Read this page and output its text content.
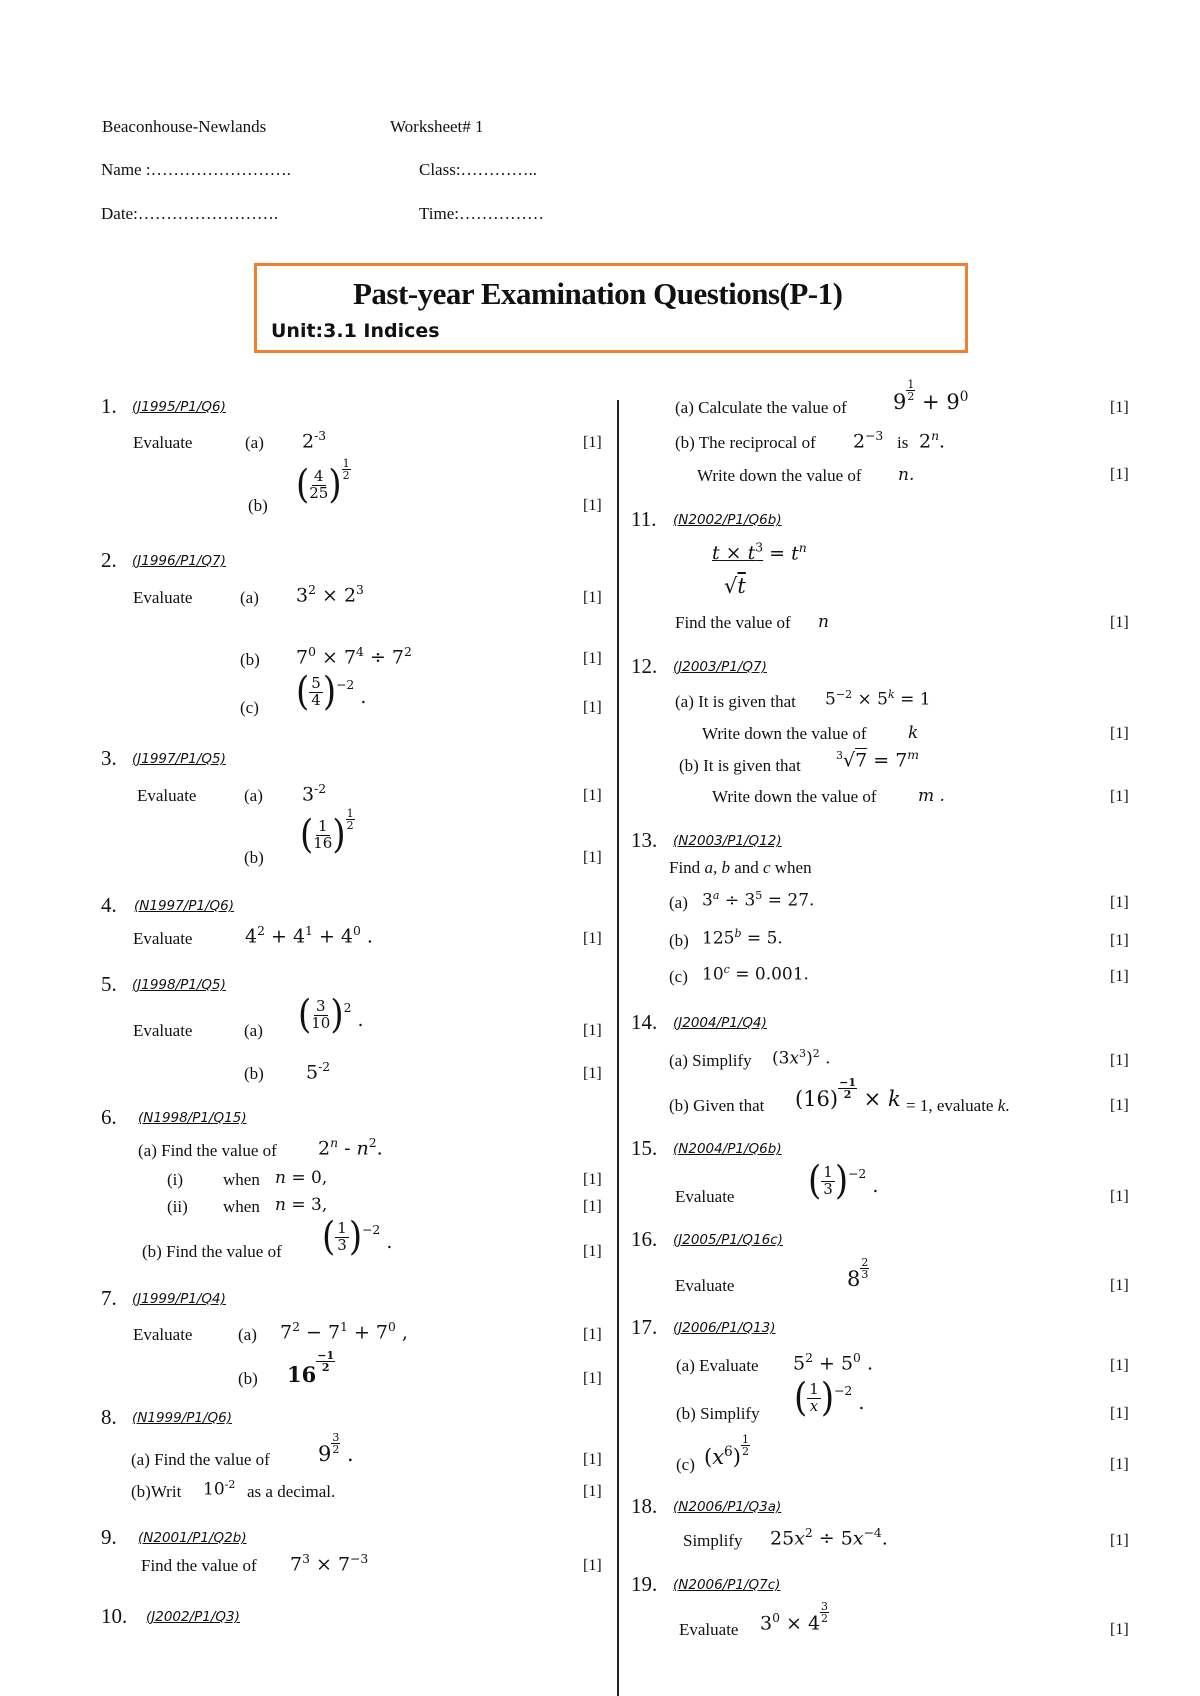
Beaconhouse-Newlands	Worksheet# 1
Name :…………………….	Class:…………..
Date:…………………….	Time:……………
Past-year Examination Questions(P-1)
Unit:3.1 Indices
1. (J1995/P1/Q6)
Evaluate	(a) $2^{-3}$	[1]
(b) ( $\frac{4}{25}$ ) $\frac{1}{2}$
[1]
2. (J1996/P1/Q7)
Evaluate	(a) $3^2 \times 2^3$	[1]
(b) $7^0 \times 7^4 \div 7^2$	[1]
(c) ( $\frac{5}{4}$ ) $^{-2}$ .	[1]
3. (J1997/P1/Q5)
Evaluate	(a) $3^{-2}$	[1]
(b) ( $\frac{1}{16}$ ) $\frac{1}{2}$
[1]
4. (N1997/P1/Q6)
Evaluate	$4^2 + 4^1 + 4^0$ .	[1]
5. (J1998/P1/Q5)
Evaluate	(a) ( $\frac{3}{10}$ ) $^2$ .	[1]
(b) $5^{-2}$	[1]
6. (N1998/P1/Q15)
(a) Find the value of $2^n - n^2$.
(i) when n = 0,	[1]
(ii) when n = 3,	[1]
(b) Find the value of ( $\frac{1}{3}$ ) $^{-2}$ .	[1]
7. (J1999/P1/Q4)
Evaluate	(a) $7^2 - 7^1 + 7^0$ ,	[1]
(b) 16
$\frac{-1}{2}$
[1]
8. (N1999/P1/Q6)
(a) Find the value of $9 \frac{3}{2}$ .	[1]
(b)Writ $10^{-2}$ as a decimal.	[1]
9. (N2001/P1/Q2b)
Find the value of $7^3 \times 7^{-3}$	[1]
10. (J2002/P1/Q3)
(a) Calculate the value of $9 \frac{1}{2} + 9^0$
[1]
(b) The reciprocal of $2^{-3}$ is 2$^n$.
Write down the value of n.	[1]
11. (N2002/P1/Q6b)
$t \times t^3 = t^n$
√t
Find the value of n	[1]
12. (J2003/P1/Q7)
(a) It is given that $5^{-2} \times 5^k = 1$
Write down the value of k	[1]
(b) It is given that
$^3√7 = 7^m$
Write down the value of m .	[1]
13. (N2003/P1/Q12)
Find a, b and c when
(a) $3^a \div 3^5 = 27$.	[1]
(b) $125^b = 5$.	[1]
(c) $10^c = 0.001$.	[1]
14. (J2004/P1/Q4)
(a) Simplify $(3x^3)^2$ .	[1]
(b) Given that $(16) \frac{-1}{2} \times k = 1$, evaluate k.	[1]
15. (N2004/P1/Q6b)
Evaluate ( $\frac{1}{3}$ ) $^{-2}$ .	[1]
16. (J2005/P1/Q16c)
Evaluate	$8 \frac{2}{3}$
[1]
17. (J2006/P1/Q13)
(a) Evaluate $5^2 + 5^0$ .	[1]
(b) Simplify ( $\frac{1}{x}$ ) $^{-2}$ .	[1]
(c) $(x^6) \frac{1}{2}$
[1]
18. (N2006/P1/Q3a)
Simplify $25x^2 \div 5x^{-4}$.	[1]
19. (N2006/P1/Q7c)
Evaluate $3^0 \times 4 \frac{3}{2}$
[1]
